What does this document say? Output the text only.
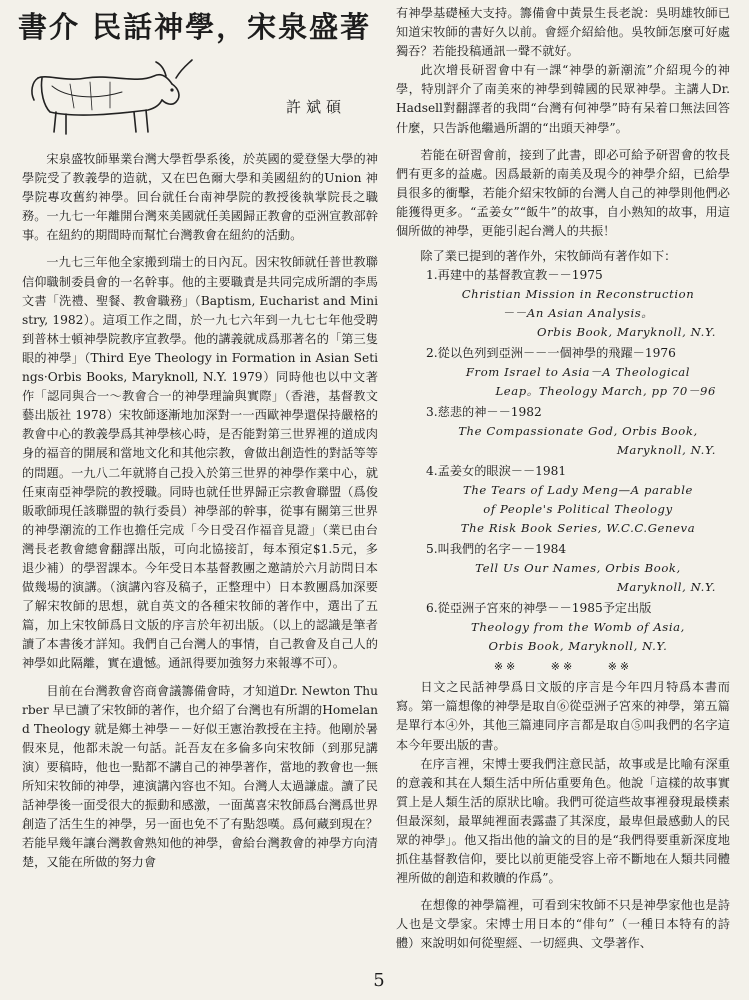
書介 民話神學，宋泉盛著
許斌碩

宋泉盛牧師畢業台灣大學哲學系後，於英國的愛登堡大學的神學院受了教義學的造就，又在巴色爾大學和美國紐約的Union 神學院專攻舊約神學。回台就任台南神學院的教授後執掌院長之職務。一九七一年離開台灣來美國就任美國歸正教會的亞洲宣教部幹事。在紐約的期間時而幫忙台灣教會在紐約的活動。

一九七三年他全家搬到瑞士的日內瓦。因宋牧師就任普世教聯信仰職制委員會的一名幹事。他的主要職責是共同完成所謂的李馬文書「洗禮、聖餐、教會職務」（Baptism, Eucharist and Ministry, 1982）。這項工作之間，於一九七六年到一九七七年他受聘到普林士頓神學院教序宣教學。他的講義就成爲那著名的「第三隻眼的神學」（Third Eye Theology in Formation in Asian Setings·Orbis Books, Maryknoll, N.Y. 1979）同時他也以中文著作「認同與合一～教會合一的神學理論與實際」（香港，基督教文藝出版社 1978）宋牧師逐漸地加深對一一西歐神學還保持嚴格的教會中心的教義學爲其神學核心時，是否能對第三世界裡的道成肉身的福音的開展和當地文化和其他宗教，會做出創造性的對話等等的問題。一九八二年就將自己投入於第三世界的神學作業中心，就任東南亞神學院的教授職。同時也就任世界歸正宗教會聯盟（爲俊販歌師現任該聯盟的執行委員）神學部的幹事，從事有關第三世界的神學潮流的工作也擔任完成「今日受召作福音見證」（業已由台灣長老教會總會翻譯出版，可向北協接訂，每本預定$1.5元，多退少補）的學習課本。今年受日本基督教團之邀請於六月訪問日本做幾場的演講。（演講內容及稿子，正整理中）日本教團爲加深要了解宋牧師的思想，就自英文的各種宋牧師的著作中，選出了五篇，加上宋牧師爲日文版的序言於年初出版。（以上的認識是筆者讀了本書後才詳知。我們自己台灣人的事情，自己教會及自己人的神學如此隔離，實在遺憾。通訊得要加強努力來報導不可）。

目前在台灣教會咨商會議籌備會時，才知道Dr. Newton Thurber 早已讀了宋牧師的著作，也介紹了台灣也有所謂的Homeland Theology 就是鄉土神學－－好似王憲治教授在主持。他剛於暑假來見，他都未說一句話。託吾友在多倫多向宋牧師（到那兒講演）要稿時，他也一點都不講自己的神學著作，當地的教會也一無所知宋牧師的神學，連演講內容也不知。台灣人太過謙虛。讀了民話神學後一面受很大的振動和感激，一面萬喜宋牧師爲台灣爲世界創造了活生生的神學，另一面也免不了有點怨嘆。爲何藏到現在？若能早幾年讓台灣教會熟知他的神學，會給台灣教會的神學方向清楚，又能在所做的努力會

有神學基礎極大支持。籌備會中黃景生長老說：吳明雄牧師已知道宋牧師的書好久以前。會經介紹給他。吳牧師怎麼可好處獨吞？若能投稿通訊一聲不就好。

此次增長研習會中有一課“神學的新潮流”介紹現今的神學，特別評介了南美來的神學到韓國的民眾神學。主講人Dr. Hadsell對翻譯者的我問“台灣有何神學”時有呆着口無法回答什麼，只告訴他繼過所謂的“出頭天神學”。

若能在研習會前，接到了此書，即必可給予研習會的牧長們有更多的益處。因爲最新的南美及現今的神學介紹，已給學員很多的衝擊，若能介紹宋牧師的台灣人自己的神學則他們必能獲得更多。“孟姜女”“飯牛”的故事，自小熟知的故事，用這個所做的神學，更能引起台灣人的共振！

除了業已提到的著作外，宋牧師尚有著作如下：

1.再建中的基督教宣教－－1975
Christian Mission in Reconstruction
－－An Asian Analysis。
Orbis Book, Maryknoll, N.Y.
2.從以色列到亞洲－－一個神學的飛躍－1976
From Israel to Asia－A Theological
Leap。Theology March, pp 70－96
3.慈悲的神－－1982
The Compassionate God, Orbis Book,
Maryknoll, N.Y.
4.孟姜女的眼淚－－1981
The Tears of Lady Meng—A parable
of People's Political Theology
The Risk Book Series, W.C.C.Geneva
5.叫我們的名字－－1984
Tell Us Our Names, Orbis Book,
Maryknoll, N.Y.
6.從亞洲子宮來的神學－－1985予定出版
Theology from the Womb of Asia,
Orbis Book, Maryknoll, N.Y.
※※ ※※ ※※

日文之民話神學爲日文版的序言是今年四月特爲本書而寫。第一篇想像的神學是取自⑥從亞洲子宮來的神學，第五篇是單行本④外，其他三篇連同序言都是取自⑤叫我們的名字這本今年要出版的書。

在序言裡，宋博士要我們注意民話，故事或是比喻有深重的意義和其在人類生活中所佔重要角色。他說「這樣的故事實質上是人類生活的原狀比喻。我們可從這些故事裡發現最樸素但最深刻，最單純裡面表露盡了其深度，最卑但最感動人的民眾的神學」。他又指出他的論文的目的是“我們得要重新深度地抓住基督教信仰，要比以前更能受容上帝不斷地在人類共同體裡所做的創造和救贖的作爲”。

在想像的神學篇裡，可看到宋牧師不只是神學家他也是詩人也是文學家。宋博士用日本的“俳句”（一種日本特有的詩體）來說明如何從聖經、一切經典、文學著作、

5
